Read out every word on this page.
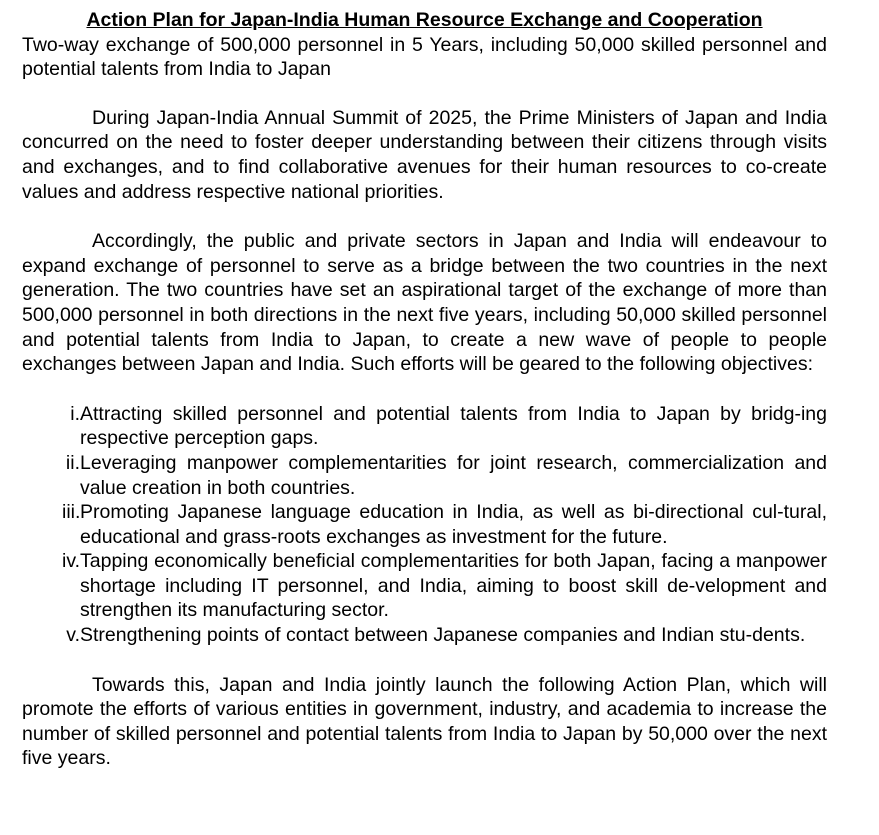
Action Plan for Japan-India Human Resource Exchange and Cooperation

Two-way exchange of 500,000 personnel in 5 Years, including 50,000 skilled personnel and potential talents from India to Japan

During Japan-India Annual Summit of 2025, the Prime Ministers of Japan and India concurred on the need to foster deeper understanding between their citizens through visits and exchanges, and to find collaborative avenues for their human resources to co-create values and address respective national priorities.

Accordingly, the public and private sectors in Japan and India will endeavour to expand exchange of personnel to serve as a bridge between the two countries in the next generation. The two countries have set an aspirational target of the exchange of more than 500,000 personnel in both directions in the next five years, including 50,000 skilled personnel and potential talents from India to Japan, to create a new wave of people to people exchanges between Japan and India. Such efforts will be geared to the following objectives:

i. Attracting skilled personnel and potential talents from India to Japan by bridg-ing respective perception gaps.
ii. Leveraging manpower complementarities for joint research, commercialization and value creation in both countries.
iii. Promoting Japanese language education in India, as well as bi-directional cul-tural, educational and grass-roots exchanges as investment for the future.
iv. Tapping economically beneficial complementarities for both Japan, facing a manpower shortage including IT personnel, and India, aiming to boost skill de-velopment and strengthen its manufacturing sector.
v. Strengthening points of contact between Japanese companies and Indian stu-dents.

Towards this, Japan and India jointly launch the following Action Plan, which will promote the efforts of various entities in government, industry, and academia to increase the number of skilled personnel and potential talents from India to Japan by 50,000 over the next five years.
